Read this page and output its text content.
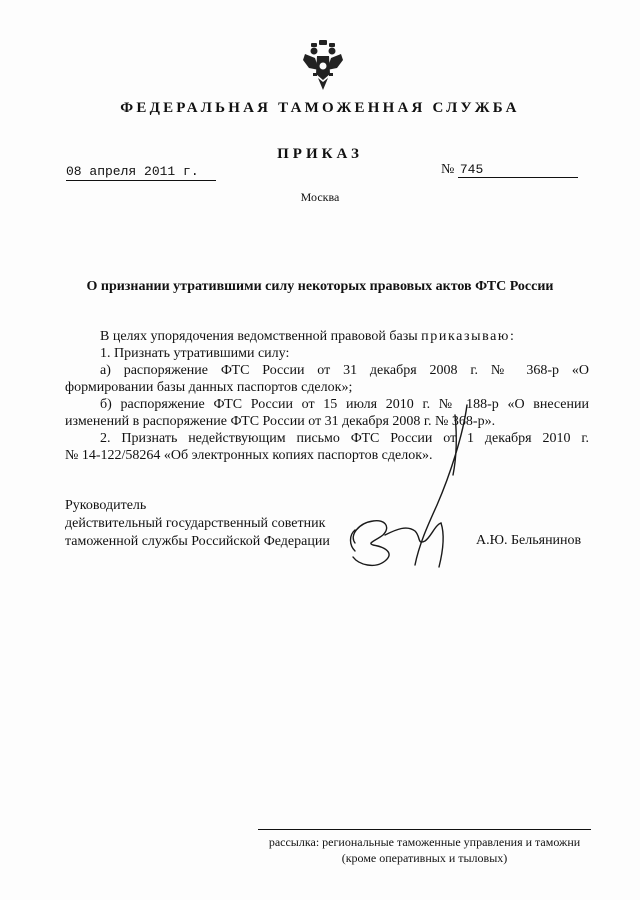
ФЕДЕРАЛЬНАЯ ТАМОЖЕННАЯ СЛУЖБА
ПРИКАЗ
08 апреля 2011 г.	№ 745
Москва
О признании утратившими силу некоторых правовых актов ФТС России

В целях упорядочения ведомственной правовой базы приказываю:

1. Признать утратившими силу:

а) распоряжение ФТС России от 31 декабря 2008 г. № 368-р «О

формировании базы данных паспортов сделок»;

б) распоряжение ФТС России от 15 июля 2010 г. № 188-р «О внесении

изменений в распоряжение ФТС России от 31 декабря 2008 г. № 368-р».

2. Признать недействующим письмо ФТС России от 1 декабря 2010 г.

№ 14-122/58264 «Об электронных копиях паспортов сделок».

Руководитель
действительный государственный советник
таможенной службы Российской Федерации	А.Ю. Бельянинов
рассылка: региональные таможенные управления и таможни
(кроме оперативных и тыловых)
